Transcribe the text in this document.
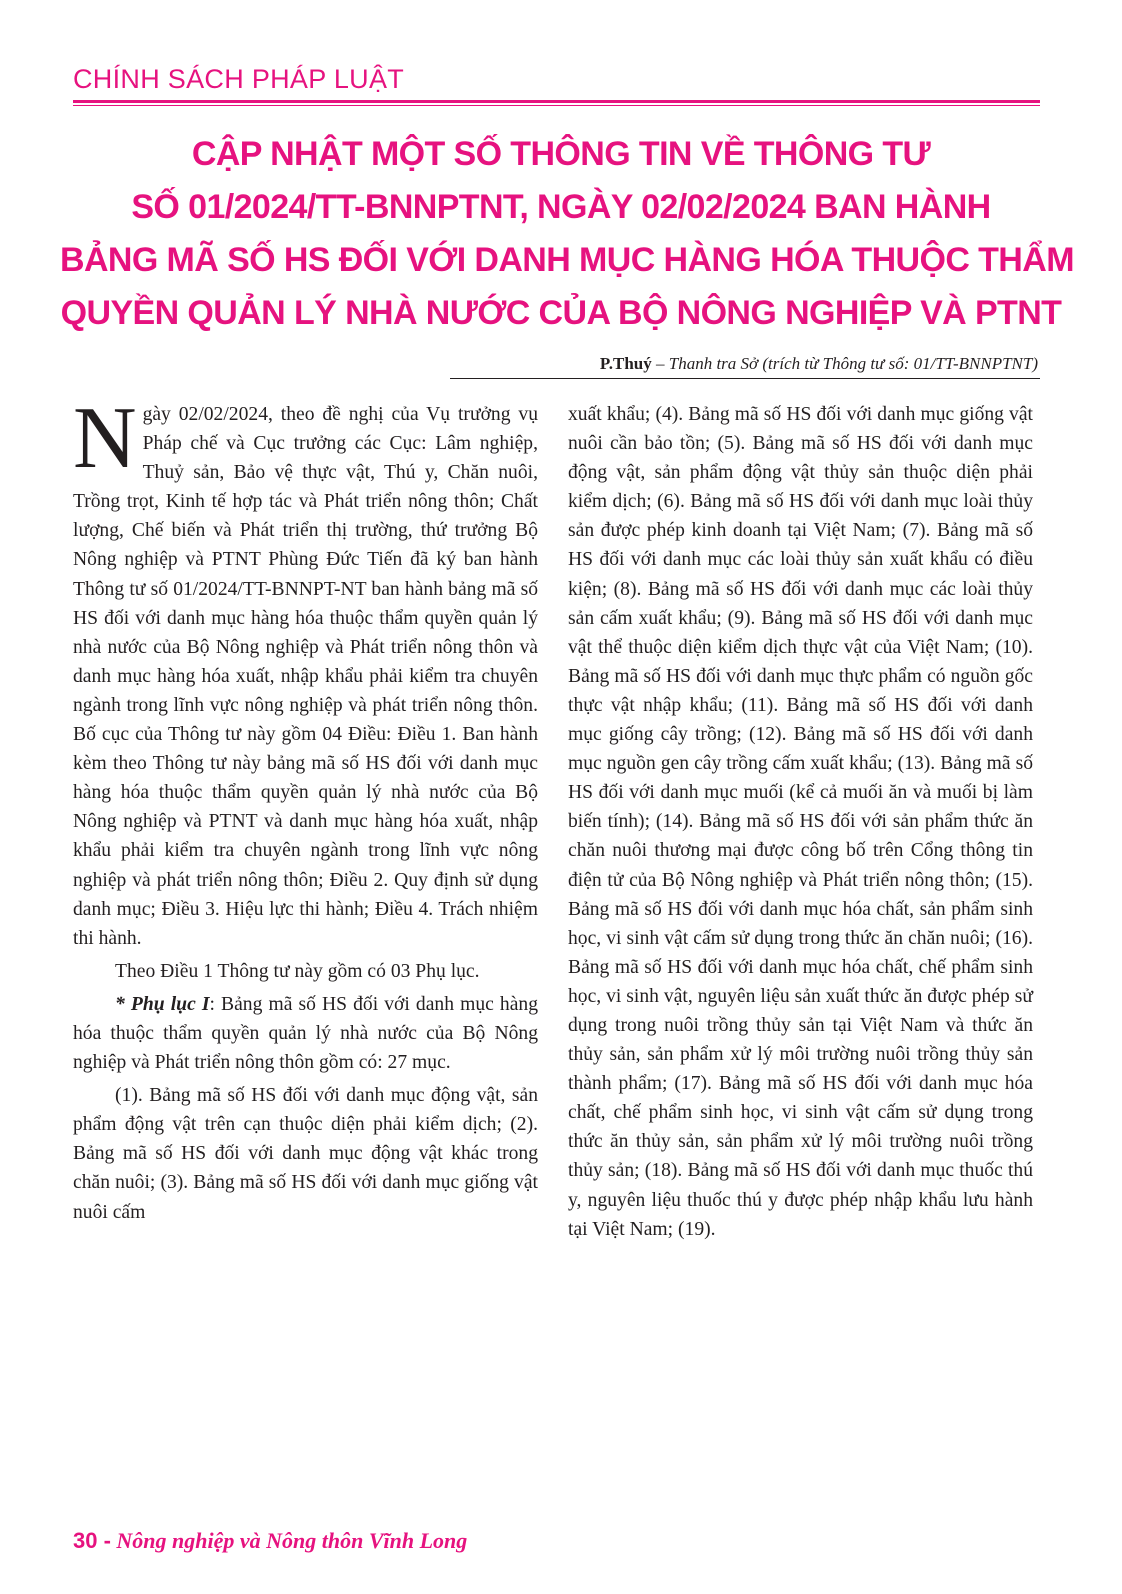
CHÍNH SÁCH PHÁP LUẬT
CẬP NHẬT MỘT SỐ THÔNG TIN VỀ THÔNG TƯ
SỐ 01/2024/TT-BNNPTNT, NGÀY 02/02/2024 BAN HÀNH
BẢNG MÃ SỐ HS ĐỐI VỚI DANH MỤC HÀNG HÓA THUỘC THẨM
QUYỀN QUẢN LÝ NHÀ NƯỚC CỦA BỘ NÔNG NGHIỆP VÀ PTNT
P.Thuý – Thanh tra Sở (trích từ Thông tư số: 01/TT-BNNPTNT)

Ngày 02/02/2024, theo đề nghị của Vụ trưởng vụ Pháp chế và Cục trưởng các Cục: Lâm nghiệp, Thuỷ sản, Bảo vệ thực vật, Thú y, Chăn nuôi, Trồng trọt, Kinh tế hợp tác và Phát triển nông thôn; Chất lượng, Chế biến và Phát triển thị trường, thứ trưởng Bộ Nông nghiệp và PTNT Phùng Đức Tiến đã ký ban hành Thông tư số 01/2024/TT-BNNPT-NT ban hành bảng mã số HS đối với danh mục hàng hóa thuộc thẩm quyền quản lý nhà nước của Bộ Nông nghiệp và Phát triển nông thôn và danh mục hàng hóa xuất, nhập khẩu phải kiểm tra chuyên ngành trong lĩnh vực nông nghiệp và phát triển nông thôn. Bố cục của Thông tư này gồm 04 Điều: Điều 1. Ban hành kèm theo Thông tư này bảng mã số HS đối với danh mục hàng hóa thuộc thẩm quyền quản lý nhà nước của Bộ Nông nghiệp và PTNT và danh mục hàng hóa xuất, nhập khẩu phải kiểm tra chuyên ngành trong lĩnh vực nông nghiệp và phát triển nông thôn; Điều 2. Quy định sử dụng danh mục; Điều 3. Hiệu lực thi hành; Điều 4. Trách nhiệm thi hành.

Theo Điều 1 Thông tư này gồm có 03 Phụ lục.

* Phụ lục I: Bảng mã số HS đối với danh mục hàng hóa thuộc thẩm quyền quản lý nhà nước của Bộ Nông nghiệp và Phát triển nông thôn gồm có: 27 mục.

(1). Bảng mã số HS đối với danh mục động vật, sản phẩm động vật trên cạn thuộc diện phải kiểm dịch; (2). Bảng mã số HS đối với danh mục động vật khác trong chăn nuôi; (3). Bảng mã số HS đối với danh mục giống vật nuôi cấm

xuất khẩu; (4). Bảng mã số HS đối với danh mục giống vật nuôi cần bảo tồn; (5). Bảng mã số HS đối với danh mục động vật, sản phẩm động vật thủy sản thuộc diện phải kiểm dịch; (6). Bảng mã số HS đối với danh mục loài thủy sản được phép kinh doanh tại Việt Nam; (7). Bảng mã số HS đối với danh mục các loài thủy sản xuất khẩu có điều kiện; (8). Bảng mã số HS đối với danh mục các loài thủy sản cấm xuất khẩu; (9). Bảng mã số HS đối với danh mục vật thể thuộc diện kiểm dịch thực vật của Việt Nam; (10). Bảng mã số HS đối với danh mục thực phẩm có nguồn gốc thực vật nhập khẩu; (11). Bảng mã số HS đối với danh mục giống cây trồng; (12). Bảng mã số HS đối với danh mục nguồn gen cây trồng cấm xuất khẩu; (13). Bảng mã số HS đối với danh mục muối (kể cả muối ăn và muối bị làm biến tính); (14). Bảng mã số HS đối với sản phẩm thức ăn chăn nuôi thương mại được công bố trên Cổng thông tin điện tử của Bộ Nông nghiệp và Phát triển nông thôn; (15). Bảng mã số HS đối với danh mục hóa chất, sản phẩm sinh học, vi sinh vật cấm sử dụng trong thức ăn chăn nuôi; (16). Bảng mã số HS đối với danh mục hóa chất, chế phẩm sinh học, vi sinh vật, nguyên liệu sản xuất thức ăn được phép sử dụng trong nuôi trồng thủy sản tại Việt Nam và thức ăn thủy sản, sản phẩm xử lý môi trường nuôi trồng thủy sản thành phẩm; (17). Bảng mã số HS đối với danh mục hóa chất, chế phẩm sinh học, vi sinh vật cấm sử dụng trong thức ăn thủy sản, sản phẩm xử lý môi trường nuôi trồng thủy sản; (18). Bảng mã số HS đối với danh mục thuốc thú y, nguyên liệu thuốc thú y được phép nhập khẩu lưu hành tại Việt Nam; (19).

30 - Nông nghiệp và Nông thôn Vĩnh Long
